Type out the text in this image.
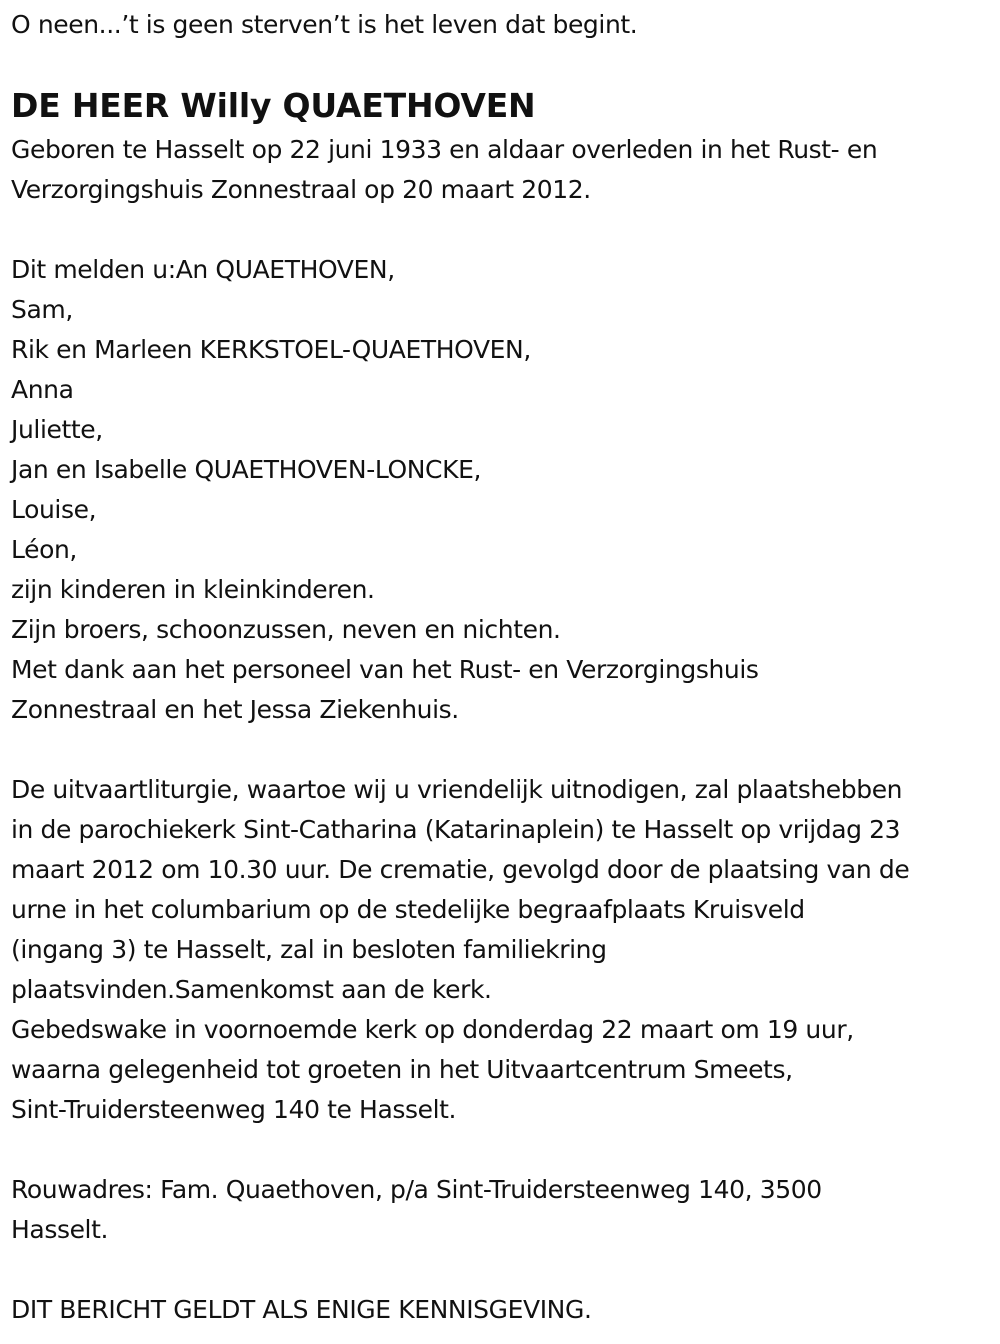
O neen...’t is geen sterven’t is het leven dat begint.
DE HEER Willy QUAETHOVEN
Geboren te Hasselt op 22 juni 1933 en aldaar overleden in het Rust- en
Verzorgingshuis Zonnestraal op 20 maart 2012.
Dit melden u:An QUAETHOVEN,
Sam,
Rik en Marleen KERKSTOEL-QUAETHOVEN,
Anna
Juliette,
Jan en Isabelle QUAETHOVEN-LONCKE,
Louise,
Léon,
zijn kinderen in kleinkinderen.
Zijn broers, schoonzussen, neven en nichten.
Met dank aan het personeel van het Rust- en Verzorgingshuis
Zonnestraal en het Jessa Ziekenhuis.
De uitvaartliturgie, waartoe wij u vriendelijk uitnodigen, zal plaatshebben
in de parochiekerk Sint-Catharina (Katarinaplein) te Hasselt op vrijdag 23
maart 2012 om 10.30 uur. De crematie, gevolgd door de plaatsing van de
urne in het columbarium op de stedelijke begraafplaats Kruisveld
(ingang 3) te Hasselt, zal in besloten familiekring
plaatsvinden.Samenkomst aan de kerk.
Gebedswake in voornoemde kerk op donderdag 22 maart om 19 uur,
waarna gelegenheid tot groeten in het Uitvaartcentrum Smeets,
Sint-Truidersteenweg 140 te Hasselt.
Rouwadres: Fam. Quaethoven, p/a Sint-Truidersteenweg 140, 3500
Hasselt.
DIT BERICHT GELDT ALS ENIGE KENNISGEVING.
